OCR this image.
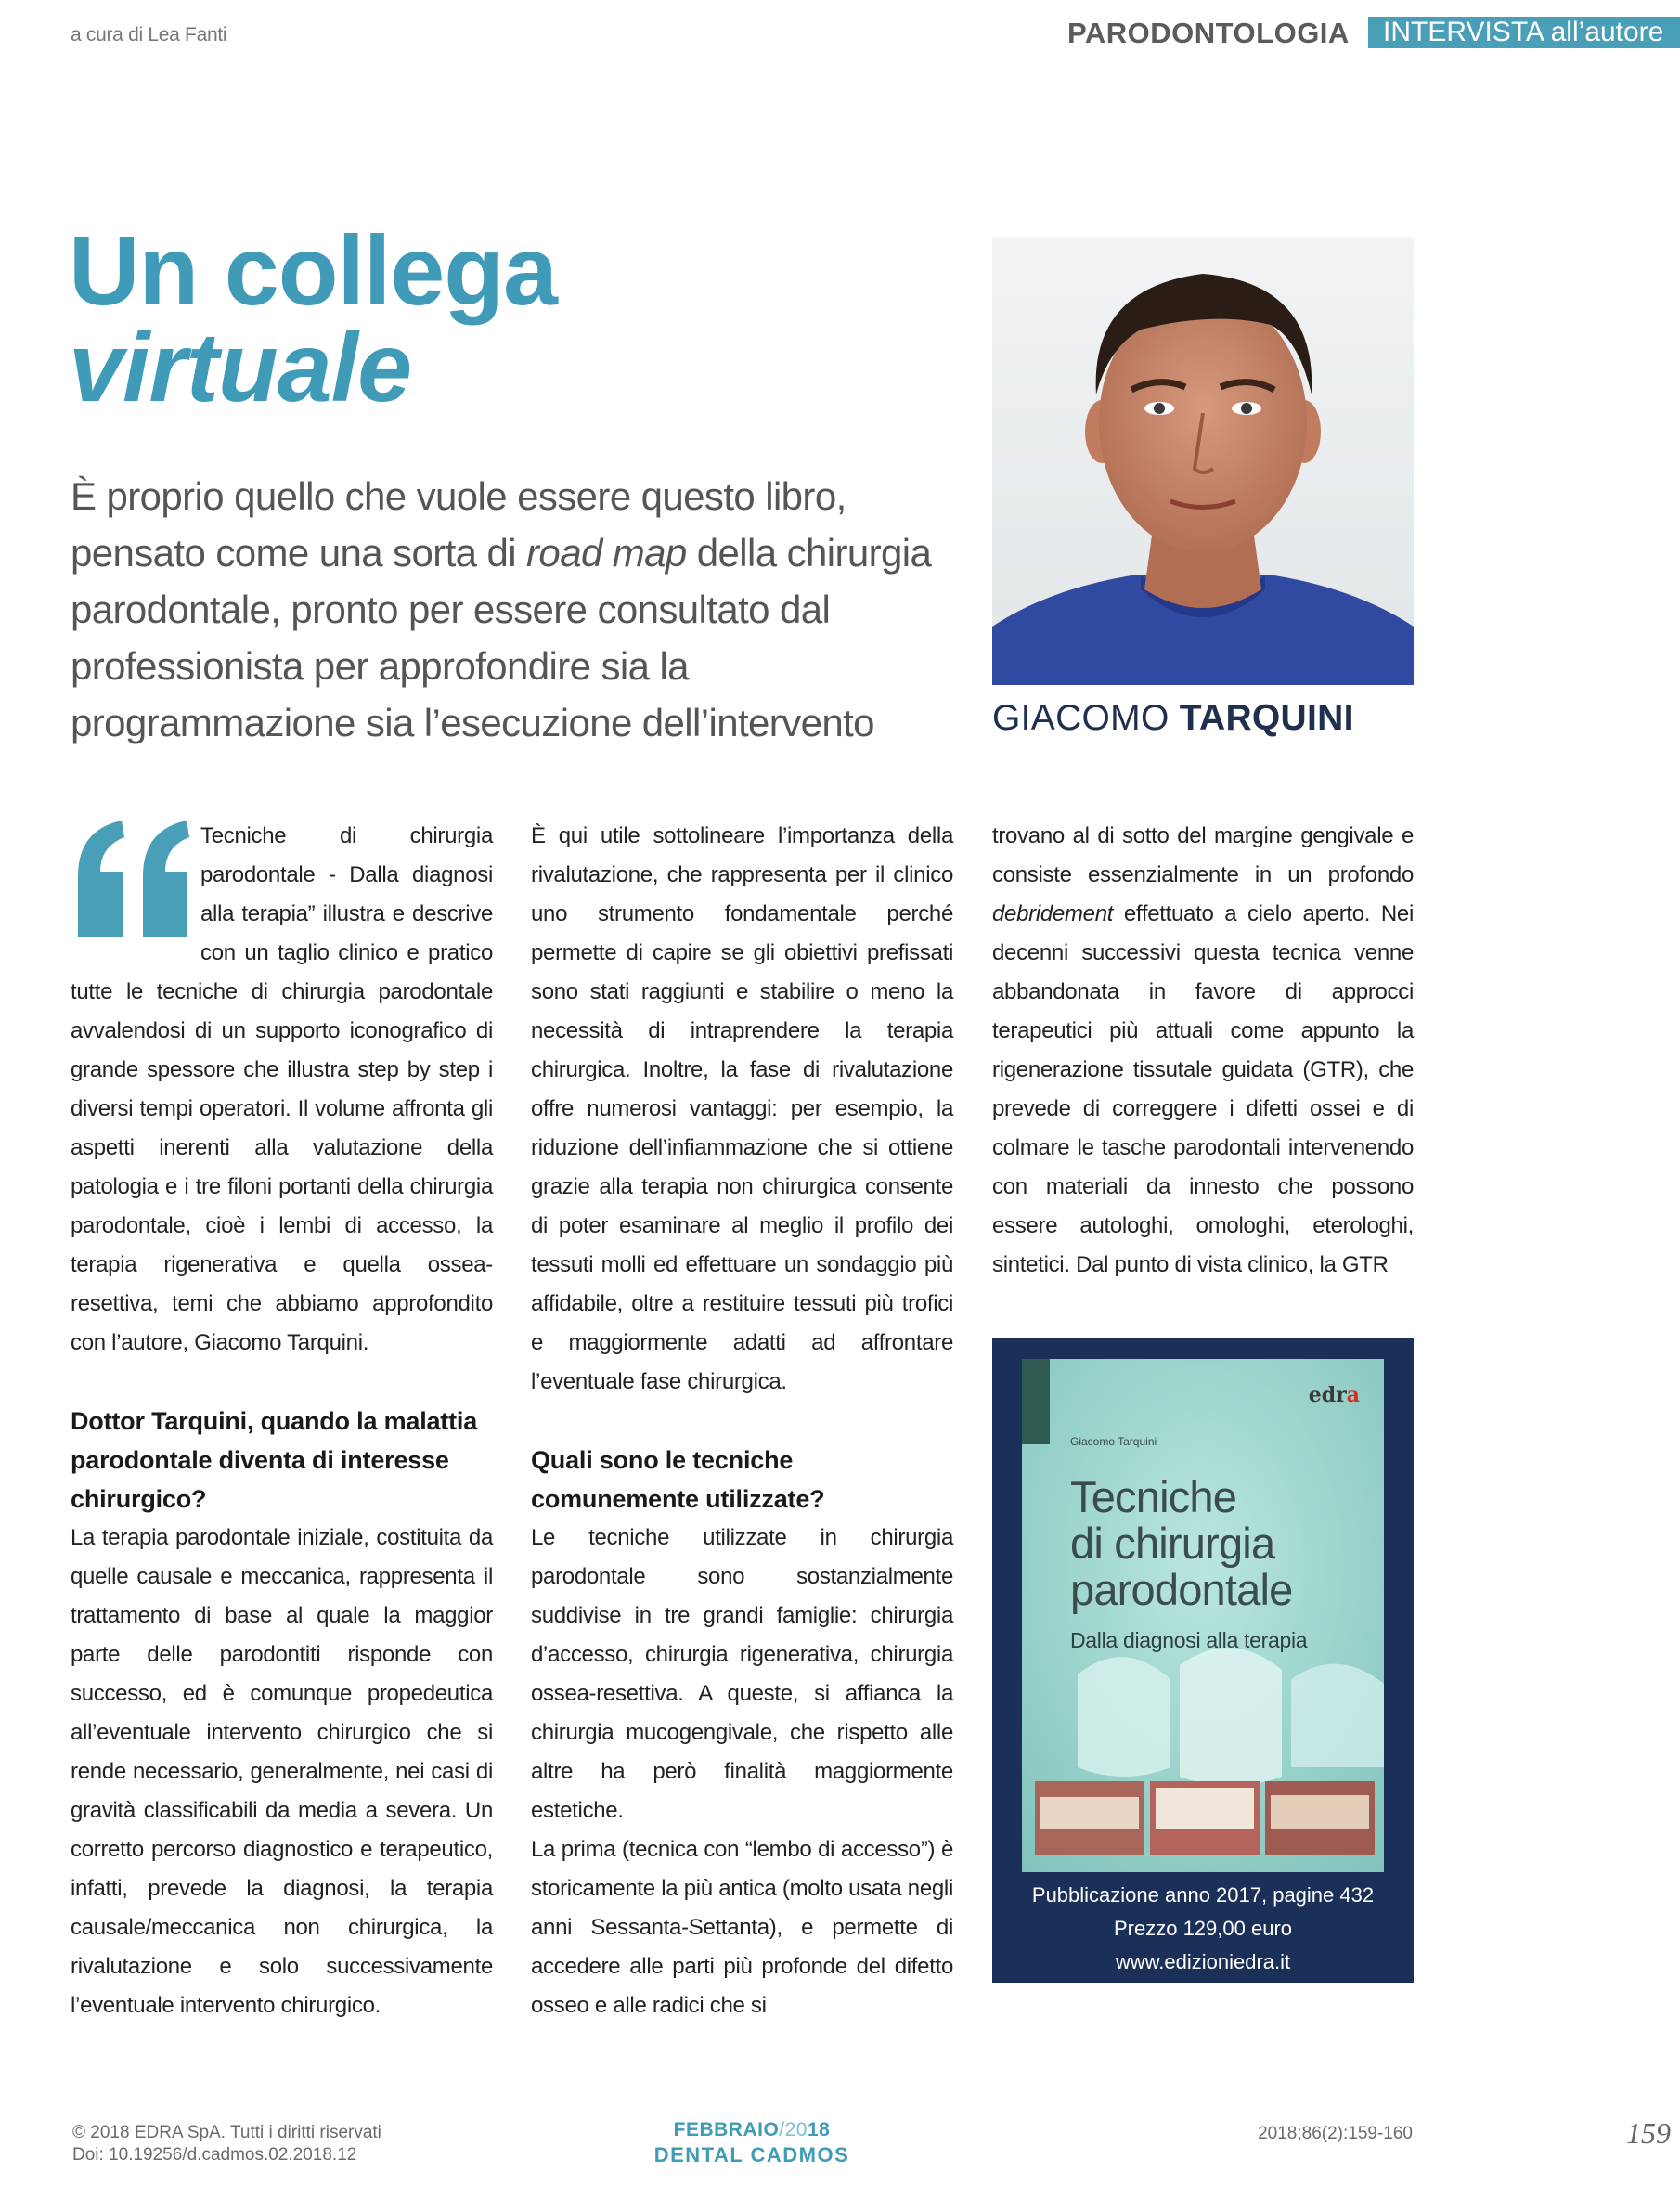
a cura di Lea Fanti	PARODONTOLOGIA	INTERVISTA all’autore
Un collega
virtuale
È proprio quello che vuole essere questo libro, pensato come una sorta di road map della chirurgia parodontale, pronto per essere consultato dal professionista per approfondire sia la programmazione sia l’esecuzione dell’intervento	GIACOMO TARQUINI

Tecniche di chirurgia parodontale - Dalla diagnosi alla terapia” illustra e descrive con un taglio clinico e pratico tutte le tecniche di chirurgia parodontale avvalendosi di un supporto iconografico di grande spessore che illustra step by step i diversi tempi operatori. Il volume affronta gli aspetti inerenti alla valutazione della patologia e i tre filoni portanti della chirurgia parodontale, cioè i lembi di accesso, la terapia rigenerativa e quella ossea-resettiva, temi che abbiamo approfondito con l’autore, Giacomo Tarquini.

Dottor Tarquini, quando la malattia parodontale diventa di interesse chirurgico?

La terapia parodontale iniziale, costituita da quelle causale e meccanica, rappresenta il trattamento di base al quale la maggior parte delle parodontiti risponde con successo, ed è comunque propedeutica all’eventuale intervento chirurgico che si rende necessario, generalmente, nei casi di gravità classificabili da media a severa. Un corretto percorso diagnostico e terapeutico, infatti, prevede la diagnosi, la terapia causale/meccanica non chirurgica, la rivalutazione e solo successivamente l’eventuale intervento chirurgico.

È qui utile sottolineare l’importanza della rivalutazione, che rappresenta per il clinico uno strumento fondamentale perché permette di capire se gli obiettivi prefissati sono stati raggiunti e stabilire o meno la necessità di intraprendere la terapia chirurgica. Inoltre, la fase di rivalutazione offre numerosi vantaggi: per esempio, la riduzione dell’infiammazione che si ottiene grazie alla terapia non chirurgica consente di poter esaminare al meglio il profilo dei tessuti molli ed effettuare un sondaggio più affidabile, oltre a restituire tessuti più trofici e maggiormente adatti ad affrontare l’eventuale fase chirurgica.

Quali sono le tecniche comunemente utilizzate?

Le tecniche utilizzate in chirurgia parodontale sono sostanzialmente suddivise in tre grandi famiglie: chirurgia d’accesso, chirurgia rigenerativa, chirurgia ossea-resettiva. A queste, si affianca la chirurgia mucogengivale, che rispetto alle altre ha però finalità maggiormente estetiche.

La prima (tecnica con “lembo di accesso”) è storicamente la più antica (molto usata negli anni Sessanta-Settanta), e permette di accedere alle parti più profonde del difetto osseo e alle radici che si

trovano al di sotto del margine gengivale e consiste essenzialmente in un profondo debridement effettuato a cielo aperto. Nei decenni successivi questa tecnica venne abbandonata in favore di approcci terapeutici più attuali come appunto la rigenerazione tissutale guidata (GTR), che prevede di correggere i difetti ossei e di colmare le tasche parodontali intervenendo con materiali da innesto che possono essere autologhi, omologhi, eterologhi, sintetici. Dal punto di vista clinico, la GTR

edra
Giacomo Tarquini
Tecniche
di chirurgia
parodontale
Dalla diagnosi alla terapia
Pubblicazione anno 2017, pagine 432
Prezzo 129,00 euro
www.edizioniedra.it
© 2018 EDRA SpA. Tutti i diritti riservati
Doi: 10.19256/d.cadmos.02.2018.12
FEBBRAIO/2018
DENTAL CADMOS
2018;86(2):159-160	159
